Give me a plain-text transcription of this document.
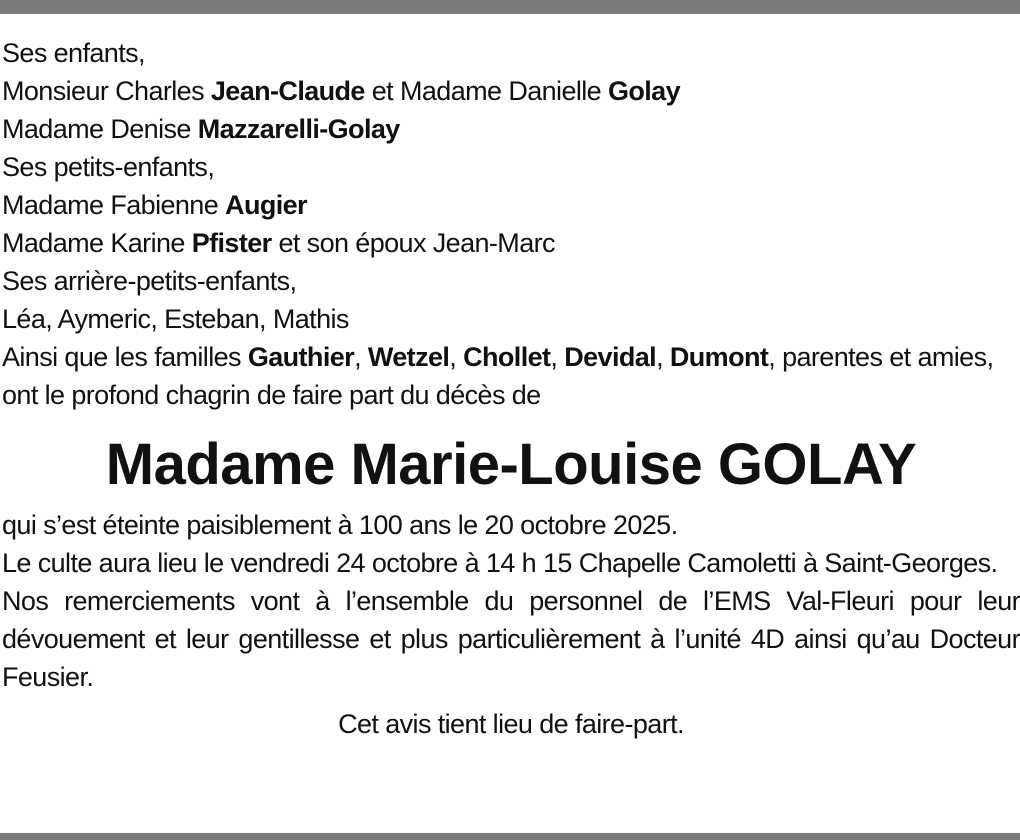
Ses enfants,
Monsieur Charles Jean-Claude et Madame Danielle Golay
Madame Denise Mazzarelli-Golay
Ses petits-enfants,
Madame Fabienne Augier
Madame Karine Pfister et son époux Jean-Marc
Ses arrière-petits-enfants,
Léa, Aymeric, Esteban, Mathis
Ainsi que les familles Gauthier, Wetzel, Chollet, Devidal, Dumont, parentes et amies,
ont le profond chagrin de faire part du décès de
Madame Marie-Louise GOLAY
qui s’est éteinte paisiblement à 100 ans le 20 octobre 2025.
Le culte aura lieu le vendredi 24 octobre à 14 h 15 Chapelle Camoletti à Saint-Georges.
Nos remerciements vont à l’ensemble du personnel de l’EMS Val-Fleuri pour leur dévouement et leur gentillesse et plus particulièrement à l’unité 4D ainsi qu’au Docteur Feusier.
Cet avis tient lieu de faire-part.
